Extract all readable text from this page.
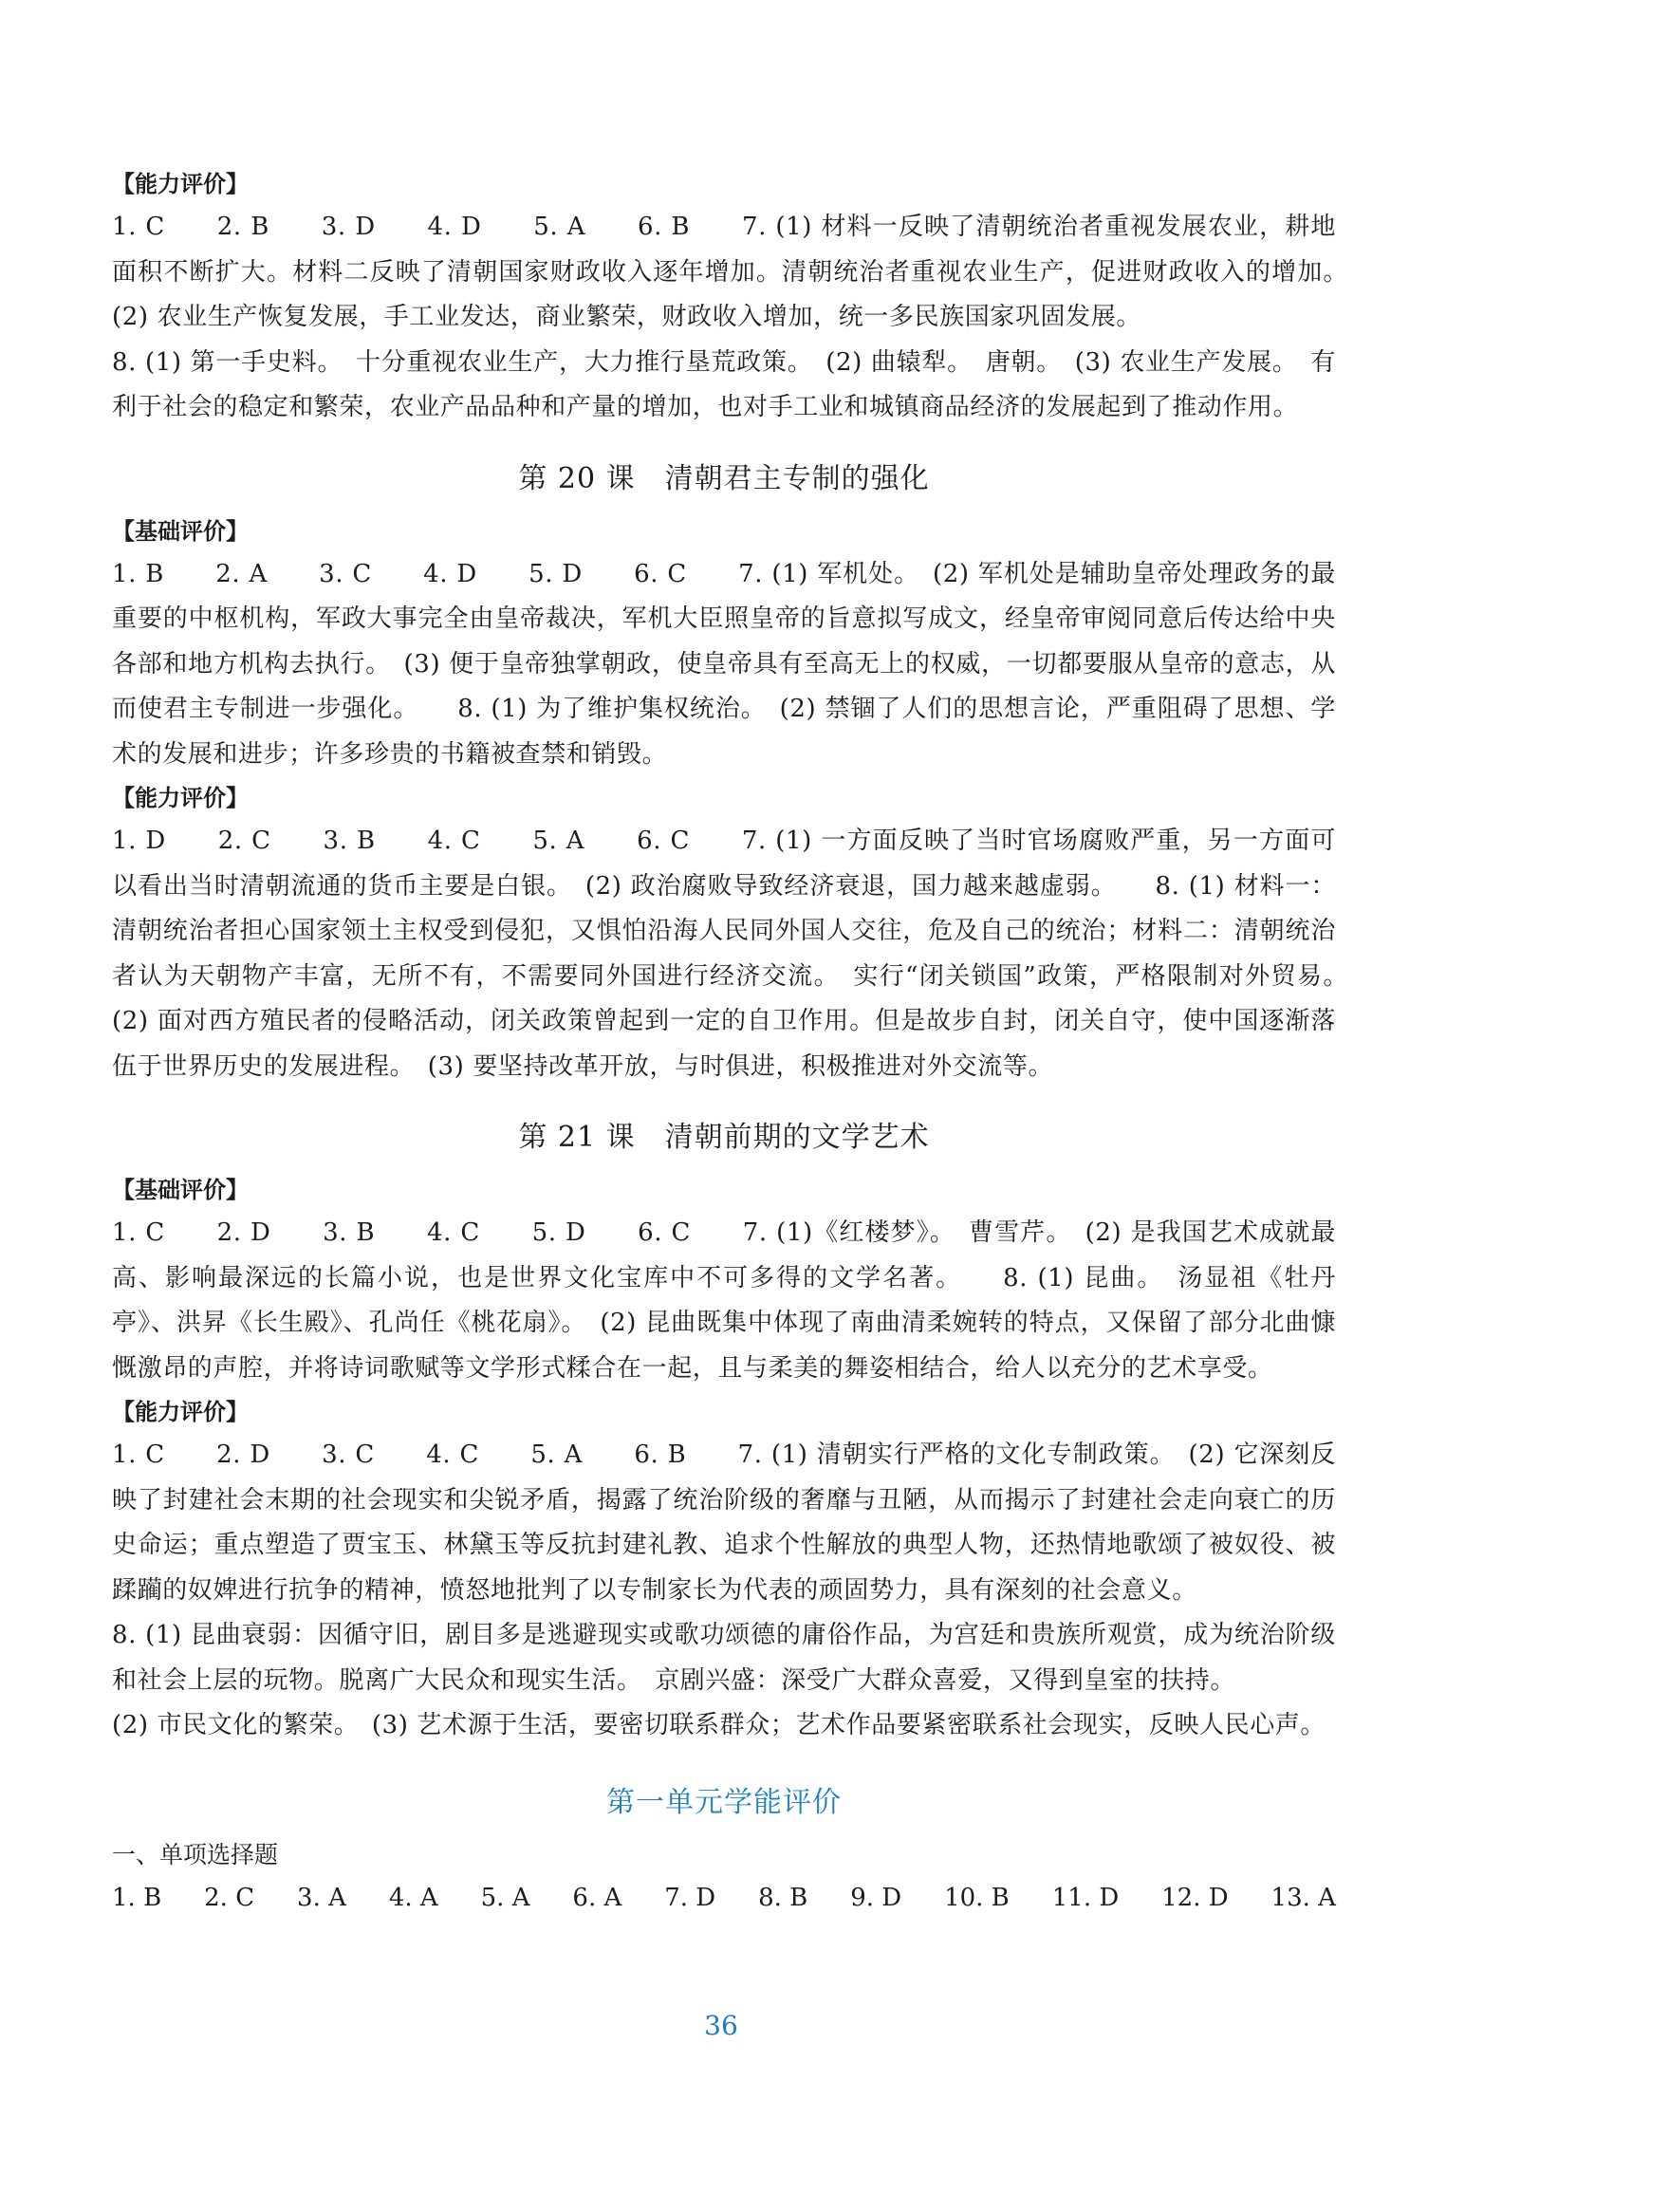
【能力评价】

1. C　　2. B　　3. D　　4. D　　5. A　　6. B　　7. (1) 材料一反映了清朝统治者重视发展农业，耕地面积不断扩大。材料二反映了清朝国家财政收入逐年增加。清朝统治者重视农业生产，促进财政收入的增加。　(2) 农业生产恢复发展，手工业发达，商业繁荣，财政收入增加，统一多民族国家巩固发展。

8. (1) 第一手史料。　十分重视农业生产，大力推行垦荒政策。　(2) 曲辕犁。　唐朝。　(3) 农业生产发展。　有利于社会的稳定和繁荣，农业产品品种和产量的增加，也对手工业和城镇商品经济的发展起到了推动作用。

第 20 课　清朝君主专制的强化

【基础评价】

1. B　　2. A　　3. C　　4. D　　5. D　　6. C　　7. (1) 军机处。　(2) 军机处是辅助皇帝处理政务的最重要的中枢机构，军政大事完全由皇帝裁决，军机大臣照皇帝的旨意拟写成文，经皇帝审阅同意后传达给中央各部和地方机构去执行。　(3) 便于皇帝独掌朝政，使皇帝具有至高无上的权威，一切都要服从皇帝的意志，从而使君主专制进一步强化。　　8. (1) 为了维护集权统治。　(2) 禁锢了人们的思想言论，严重阻碍了思想、学术的发展和进步；许多珍贵的书籍被查禁和销毁。

【能力评价】

1. D　　2. C　　3. B　　4. C　　5. A　　6. C　　7. (1) 一方面反映了当时官场腐败严重，另一方面可以看出当时清朝流通的货币主要是白银。　(2) 政治腐败导致经济衰退，国力越来越虚弱。　　8. (1) 材料一：清朝统治者担心国家领土主权受到侵犯，又惧怕沿海人民同外国人交往，危及自己的统治；材料二：清朝统治者认为天朝物产丰富，无所不有，不需要同外国进行经济交流。　实行“闭关锁国”政策，严格限制对外贸易。　(2) 面对西方殖民者的侵略活动，闭关政策曾起到一定的自卫作用。但是故步自封，闭关自守，使中国逐渐落伍于世界历史的发展进程。　(3) 要坚持改革开放，与时俱进，积极推进对外交流等。

第 21 课　清朝前期的文学艺术

【基础评价】

1. C　　2. D　　3. B　　4. C　　5. D　　6. C　　7. (1)《红楼梦》。　曹雪芹。　(2) 是我国艺术成就最高、影响最深远的长篇小说，也是世界文化宝库中不可多得的文学名著。　　8. (1) 昆曲。　汤显祖《牡丹亭》、洪昇《长生殿》、孔尚任《桃花扇》。　(2) 昆曲既集中体现了南曲清柔婉转的特点，又保留了部分北曲慷慨激昂的声腔，并将诗词歌赋等文学形式糅合在一起，且与柔美的舞姿相结合，给人以充分的艺术享受。

【能力评价】

1. C　　2. D　　3. C　　4. C　　5. A　　6. B　　7. (1) 清朝实行严格的文化专制政策。　(2) 它深刻反映了封建社会末期的社会现实和尖锐矛盾，揭露了统治阶级的奢靡与丑陋，从而揭示了封建社会走向衰亡的历史命运；重点塑造了贾宝玉、林黛玉等反抗封建礼教、追求个性解放的典型人物，还热情地歌颂了被奴役、被蹂躏的奴婢进行抗争的精神，愤怒地批判了以专制家长为代表的顽固势力，具有深刻的社会意义。

8. (1) 昆曲衰弱：因循守旧，剧目多是逃避现实或歌功颂德的庸俗作品，为宫廷和贵族所观赏，成为统治阶级和社会上层的玩物。脱离广大民众和现实生活。　京剧兴盛：深受广大群众喜爱，又得到皇室的扶持。

(2) 市民文化的繁荣。　(3) 艺术源于生活，要密切联系群众；艺术作品要紧密联系社会现实，反映人民心声。

第一单元学能评价

一、单项选择题

1. B 2. C 3. A 4. A 5. A 6. A 7. D 8. B 9. D 10. B 11. D 12. D 13. A
36
